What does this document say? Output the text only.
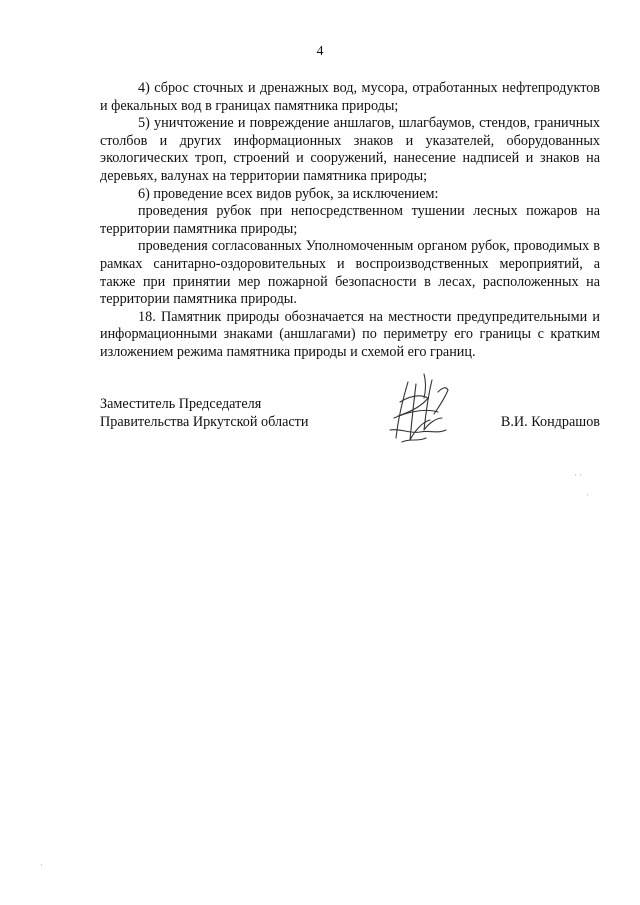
4

4) сброс сточных и дренажных вод, мусора, отработанных нефтепродуктов и фекальных вод в границах памятника природы;

5) уничтожение и повреждение аншлагов, шлагбаумов, стендов, граничных столбов и других информационных знаков и указателей, оборудованных экологических троп, строений и сооружений, нанесение надписей и знаков на деревьях, валунах на территории памятника природы;

6) проведение всех видов рубок, за исключением:

проведения рубок при непосредственном тушении лесных пожаров на территории памятника природы;

проведения согласованных Уполномоченным органом рубок, проводимых в рамках санитарно-оздоровительных и воспроизводственных мероприятий, а также при принятии мер пожарной безопасности в лесах, расположенных на территории памятника природы.

18. Памятник природы обозначается на местности предупредительными и информационными знаками (аншлагами) по периметру его границы с кратким изложением режима памятника природы и схемой его границ.

Заместитель Председателя
Правительства Иркутской области	В.И. Кондрашов
· ·
·
·
